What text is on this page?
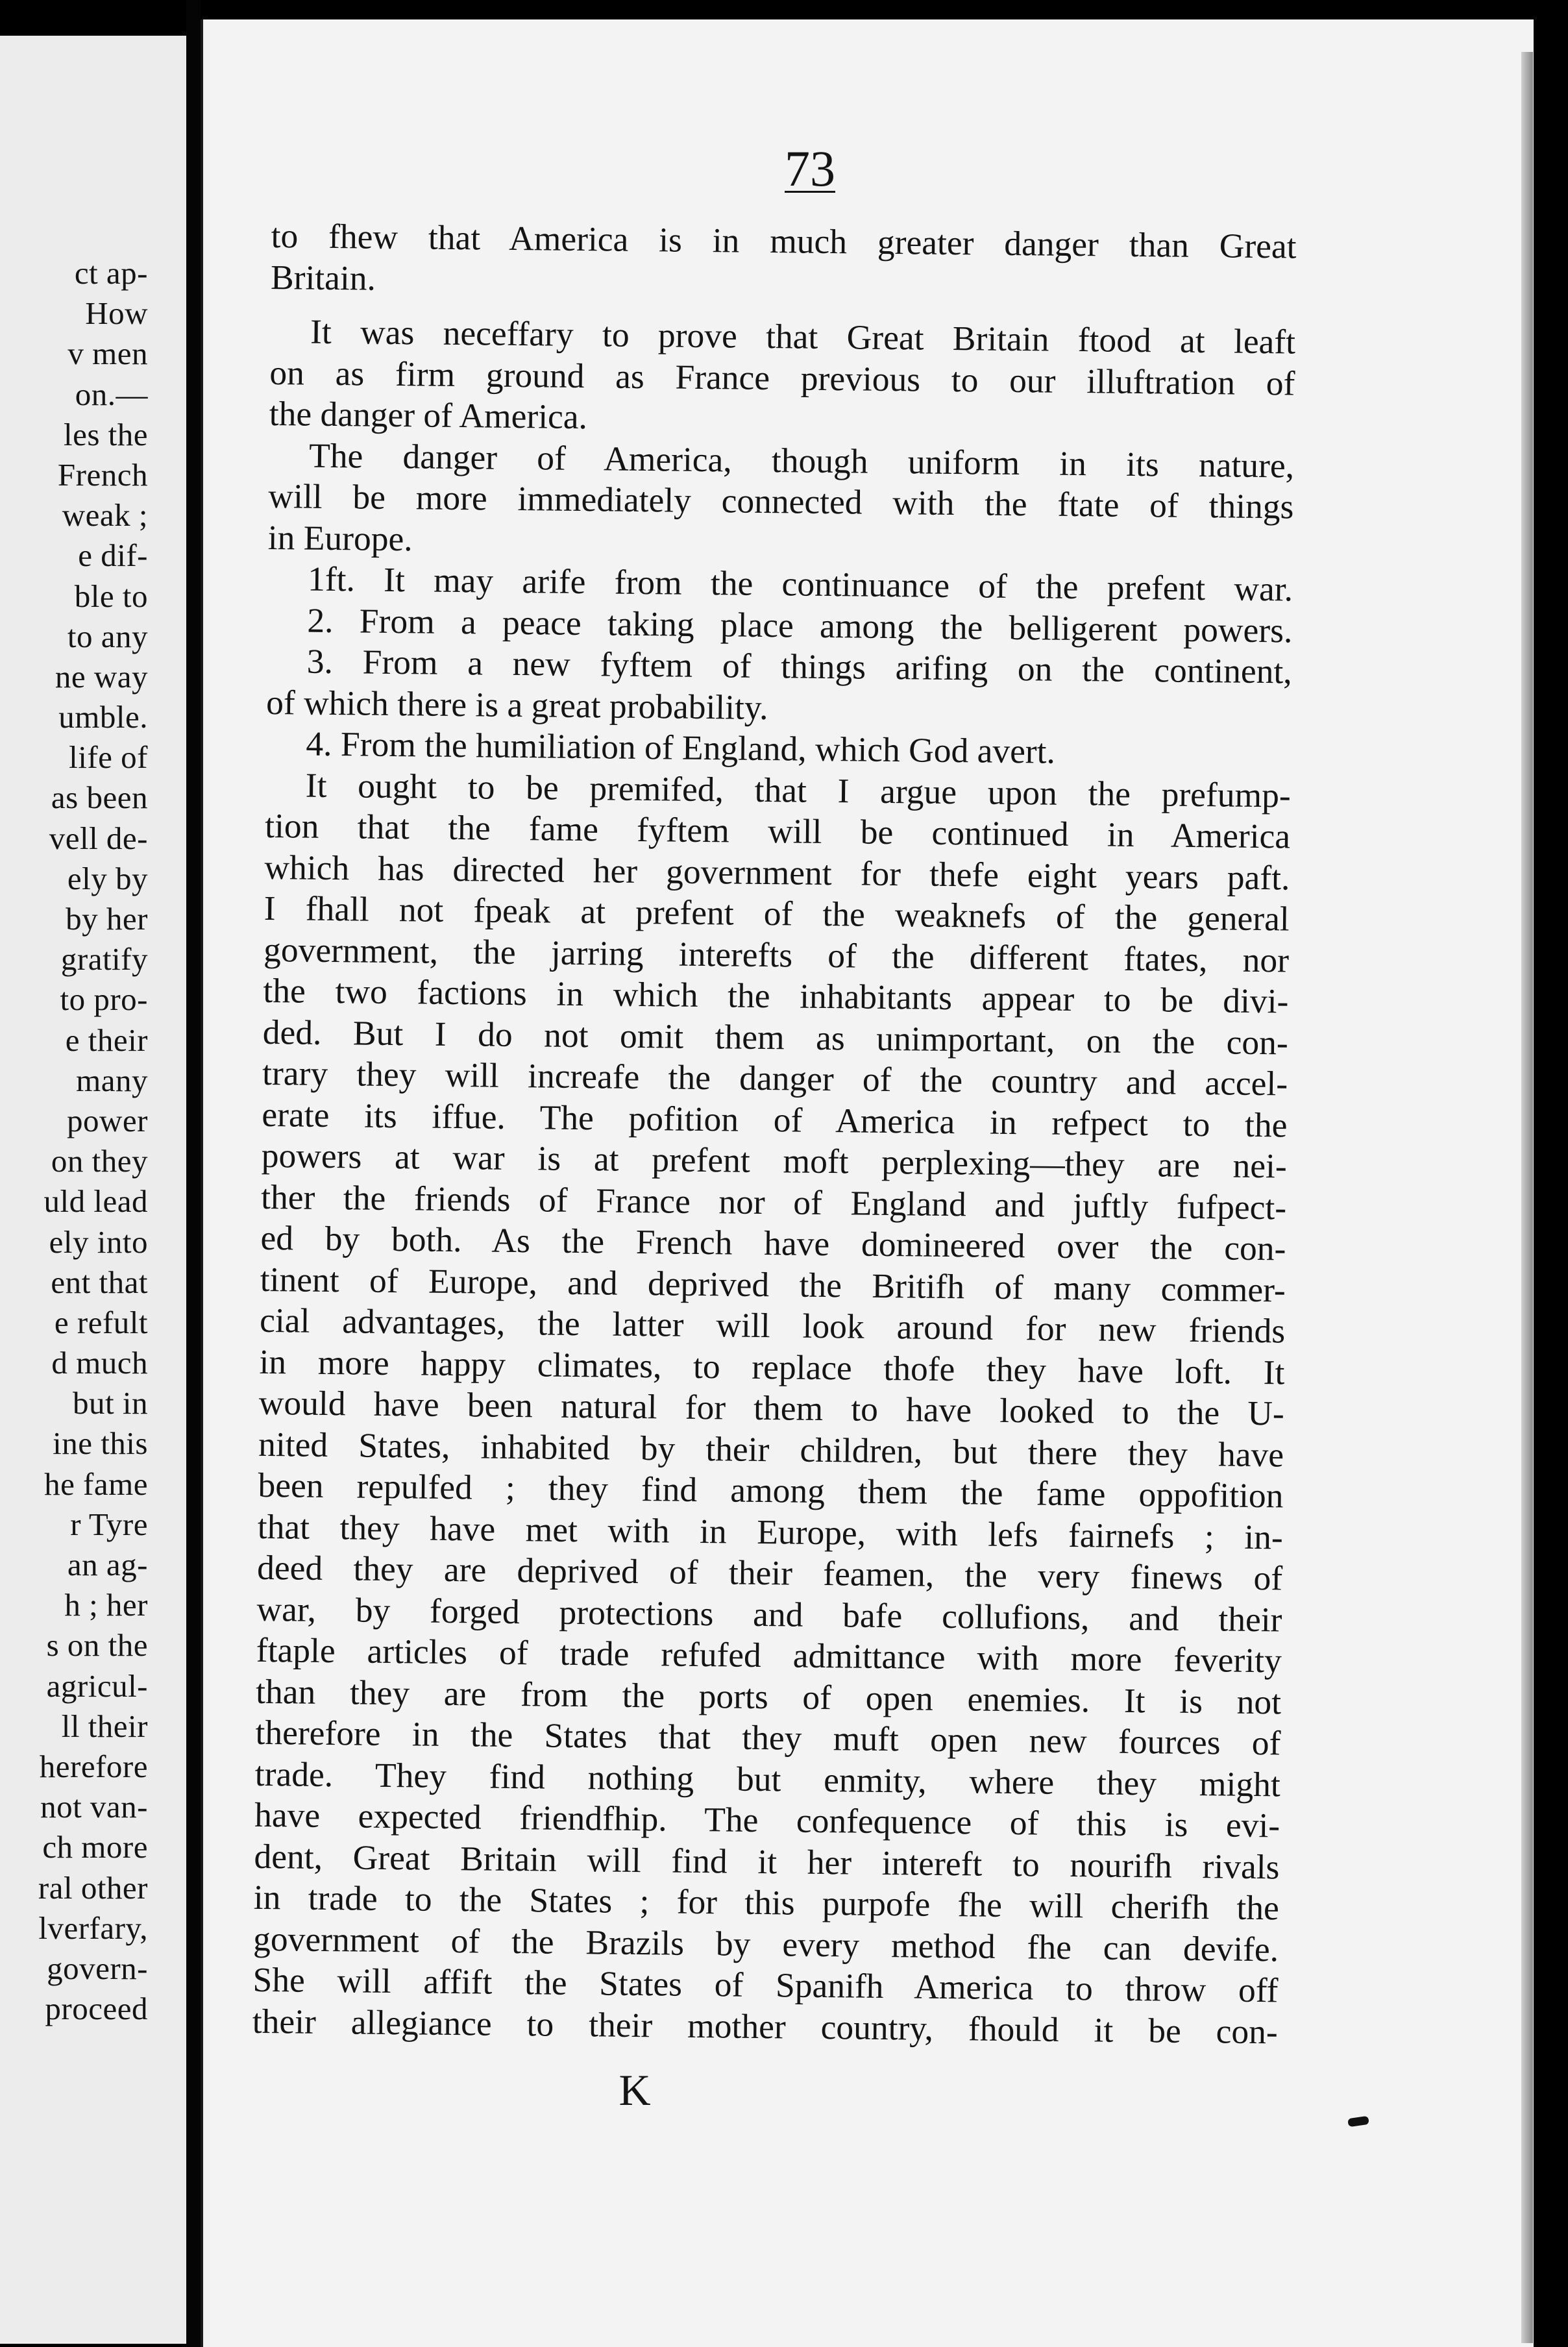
ct ap-
How
v men
on.—
les the
French
weak ;
e dif-
ble to
to any
ne way
umble.
life of
as been
vell de-
ely by
by her
gratify
to pro-
e their
many
power
on they
uld lead
ely into
ent that
e refult
d much
but in
ine this
he fame
r Tyre
an ag-
h ; her
s on the
agricul-
ll their
herefore
not van-
ch more
ral other
lverfary,
govern-
proceed
73

to fhew that America is in much greater danger than Great
Britain.

It was neceffary to prove that Great Britain ftood at leaft
on as firm ground as France previous to our illuftration of
the danger of America.

The danger of America, though uniform in its nature,
will be more immediately connected with the ftate of things
in Europe.

1ft. It may arife from the continuance of the prefent war.

2. From a peace taking place among the belligerent powers.

3. From a new fyftem of things arifing on the continent,
of which there is a great probability.

4. From the humiliation of England, which God avert.

It ought to be premifed, that I argue upon the prefump-
tion that the fame fyftem will be continued in America
which has directed her government for thefe eight years paft.
I fhall not fpeak at prefent of the weaknefs of the general
government, the jarring interefts of the different ftates, nor
the two factions in which the inhabitants appear to be divi-
ded. But I do not omit them as unimportant, on the con-
trary they will increafe the danger of the country and accel-
erate its iffue. The pofition of America in refpect to the
powers at war is at prefent moft perplexing—they are nei-
ther the friends of France nor of England and juftly fufpect-
ed by both. As the French have domineered over the con-
tinent of Europe, and deprived the Britifh of many commer-
cial advantages, the latter will look around for new friends
in more happy climates, to replace thofe they have loft. It
would have been natural for them to have looked to the U-
nited States, inhabited by their children, but there they have
been repulfed ; they find among them the fame oppofition
that they have met with in Europe, with lefs fairnefs ; in-
deed they are deprived of their feamen, the very finews of
war, by forged protections and bafe collufions, and their
ftaple articles of trade refufed admittance with more feverity
than they are from the ports of open enemies. It is not
therefore in the States that they muft open new fources of
trade. They find nothing but enmity, where they might
have expected friendfhip. The confequence of this is evi-
dent, Great Britain will find it her intereft to nourifh rivals
in trade to the States ; for this purpofe fhe will cherifh the
government of the Brazils by every method fhe can devife.
She will affift the States of Spanifh America to throw off
their allegiance to their mother country, fhould it be con-

K
